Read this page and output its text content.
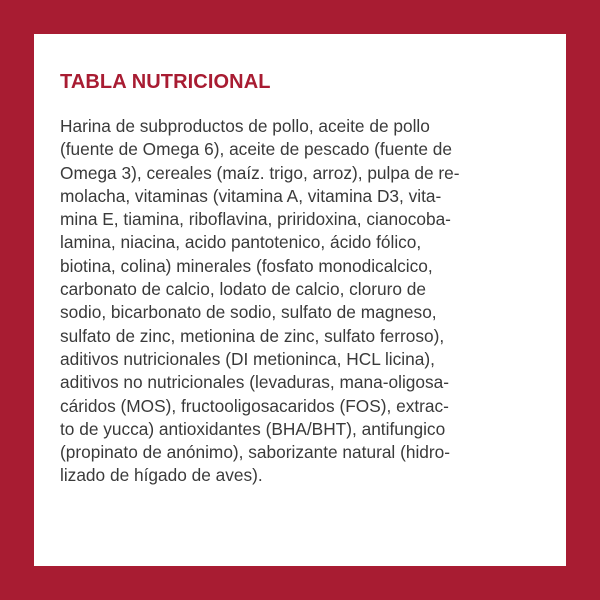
TABLA NUTRICIONAL
Harina de subproductos de pollo, aceite de pollo
(fuente de Omega 6), aceite de pescado (fuente de
Omega 3), cereales (maíz. trigo, arroz), pulpa de re-
molacha, vitaminas (vitamina A, vitamina D3, vita-
mina E, tiamina, riboflavina, priridoxina, cianocoba-
lamina, niacina, acido pantotenico, ácido fólico,
biotina, colina) minerales (fosfato monodicalcico,
carbonato de calcio, lodato de calcio, cloruro de
sodio, bicarbonato de sodio, sulfato de magneso,
sulfato de zinc, metionina de zinc, sulfato ferroso),
aditivos nutricionales (DI metioninca, HCL licina),
aditivos no nutricionales (levaduras, mana-oligosa-
cáridos (MOS), fructooligosacaridos (FOS), extrac-
to de yucca) antioxidantes (BHA/BHT), antifungico
(propinato de anónimo), saborizante natural (hidro-
lizado de hígado de aves).
